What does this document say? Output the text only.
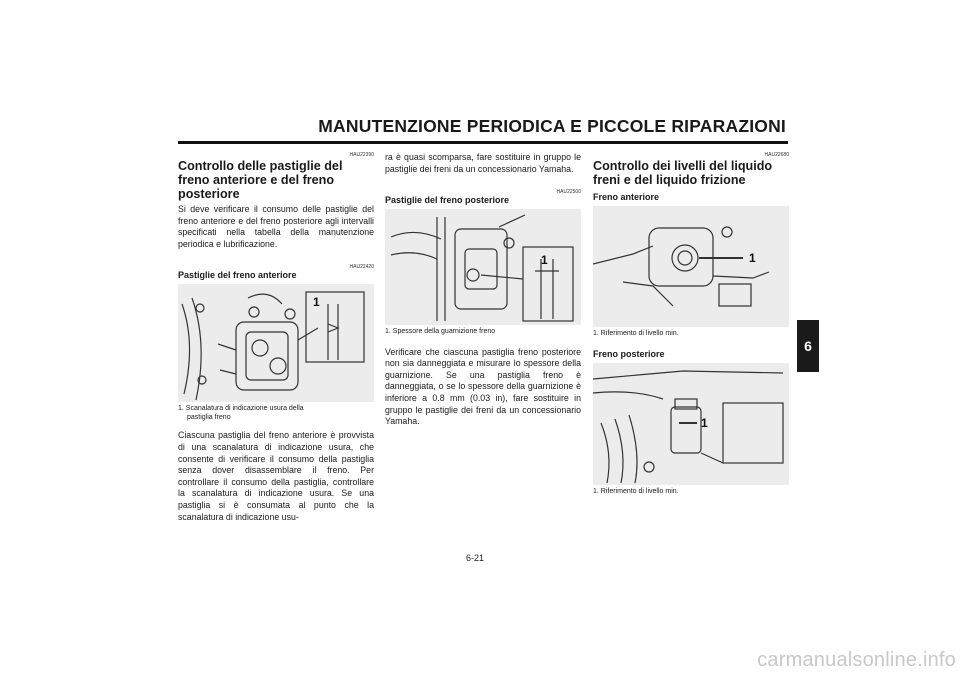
MANUTENZIONE PERIODICA E PICCOLE RIPARAZIONI
6

HAU22390

Controllo delle pastiglie del freno anteriore e del freno posteriore

Si deve verificare il consumo delle pastiglie del freno anteriore e del freno posteriore agli intervalli specificati nella tabella della manutenzione periodica e lubrificazione.

HAU22420

Pastiglie del freno anteriore
1

1. Scanalatura di indicazione usura della
pastiglia freno

Ciascuna pastiglia del freno anteriore è provvista di una scanalatura di indicazione usura, che consente di verificare il consumo della pastiglia senza dover disassemblare il freno. Per controllare il consumo della pastiglia, controllare la scanalatura di indicazione usura. Se una pastiglia si è consumata al punto che la scanalatura di indicazione usu-

ra è quasi scomparsa, fare sostituire in gruppo le pastiglie dei freni da un concessionario Yamaha.

HAU22500

Pastiglie del freno posteriore
1

1. Spessore della guarnizione freno

Verificare che ciascuna pastiglia freno posteriore non sia danneggiata e misurare lo spessore della guarnizione. Se una pastiglia freno è danneggiata, o se lo spessore della guarnizione è inferiore a 0.8 mm (0.03 in), fare sostituire in gruppo le pastiglie dei freni da un concessionario Yamaha.

HAU22680

Controllo dei livelli del liquido freni e del liquido frizione
Freno anteriore
1

1. Riferimento di livello min.

Freno posteriore
1

1. Riferimento di livello min.

6-21
carmanualsonline.info
